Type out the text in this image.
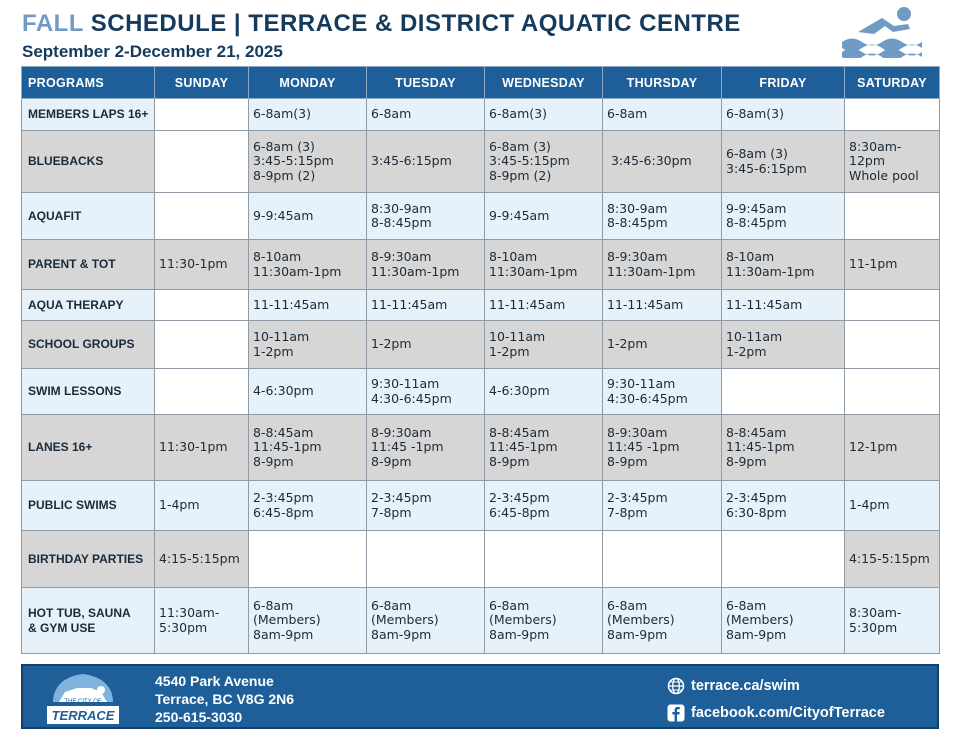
FALL SCHEDULE | TERRACE & DISTRICT AQUATIC CENTRE
September 2-December 21, 2025
PROGRAMS	SUNDAY	MONDAY	TUESDAY	WEDNESDAY	THURSDAY	FRIDAY	SATURDAY

MEMBERS LAPS 16+		6-8am(3)	6-8am	6-8am(3)	6-8am	6-8am(3)	

BLUEBACKS		6-8am (3)
3:45-5:15pm
8-9pm (2)	3:45-6:15pm	6-8am (3)
3:45-5:15pm
8-9pm (2)	3:45-6:30pm	6-8am (3)
3:45-6:15pm	8:30am-
12pm
Whole pool

AQUAFIT		9-9:45am	8:30-9am
8-8:45pm	9-9:45am	8:30-9am
8-8:45pm	9-9:45am
8-8:45pm	

PARENT & TOT	11:30-1pm	8-10am
11:30am-1pm	8-9:30am
11:30am-1pm	8-10am
11:30am-1pm	8-9:30am
11:30am-1pm	8-10am
11:30am-1pm	11-1pm

AQUA THERAPY		11-11:45am	11-11:45am	11-11:45am	11-11:45am	11-11:45am	

SCHOOL GROUPS		10-11am
1-2pm	1-2pm	10-11am
1-2pm	1-2pm	10-11am
1-2pm	

SWIM LESSONS		4-6:30pm	9:30-11am
4:30-6:45pm	4-6:30pm	9:30-11am
4:30-6:45pm		

LANES 16+	11:30-1pm	8-8:45am
11:45-1pm
8-9pm	8-9:30am
11:45 -1pm
8-9pm	8-8:45am
11:45-1pm
8-9pm	8-9:30am
11:45 -1pm
8-9pm	8-8:45am
11:45-1pm
8-9pm	12-1pm

PUBLIC SWIMS	1-4pm	2-3:45pm
6:45-8pm	2-3:45pm
7-8pm	2-3:45pm
6:45-8pm	2-3:45pm
7-8pm	2-3:45pm
6:30-8pm	1-4pm

BIRTHDAY PARTIES	4:15-5:15pm						4:15-5:15pm

HOT TUB, SAUNA
& GYM USE	11:30am-
5:30pm	6-8am
(Members)
8am-9pm	6-8am
(Members)
8am-9pm	6-8am
(Members)
8am-9pm	6-8am
(Members)
8am-9pm	6-8am
(Members)
8am-9pm	8:30am-
5:30pm
THE CITY OF
TERRACE
4540 Park Avenue
Terrace, BC V8G 2N6
250-615-3030
terrace.ca/swim
facebook.com/CityofTerrace
